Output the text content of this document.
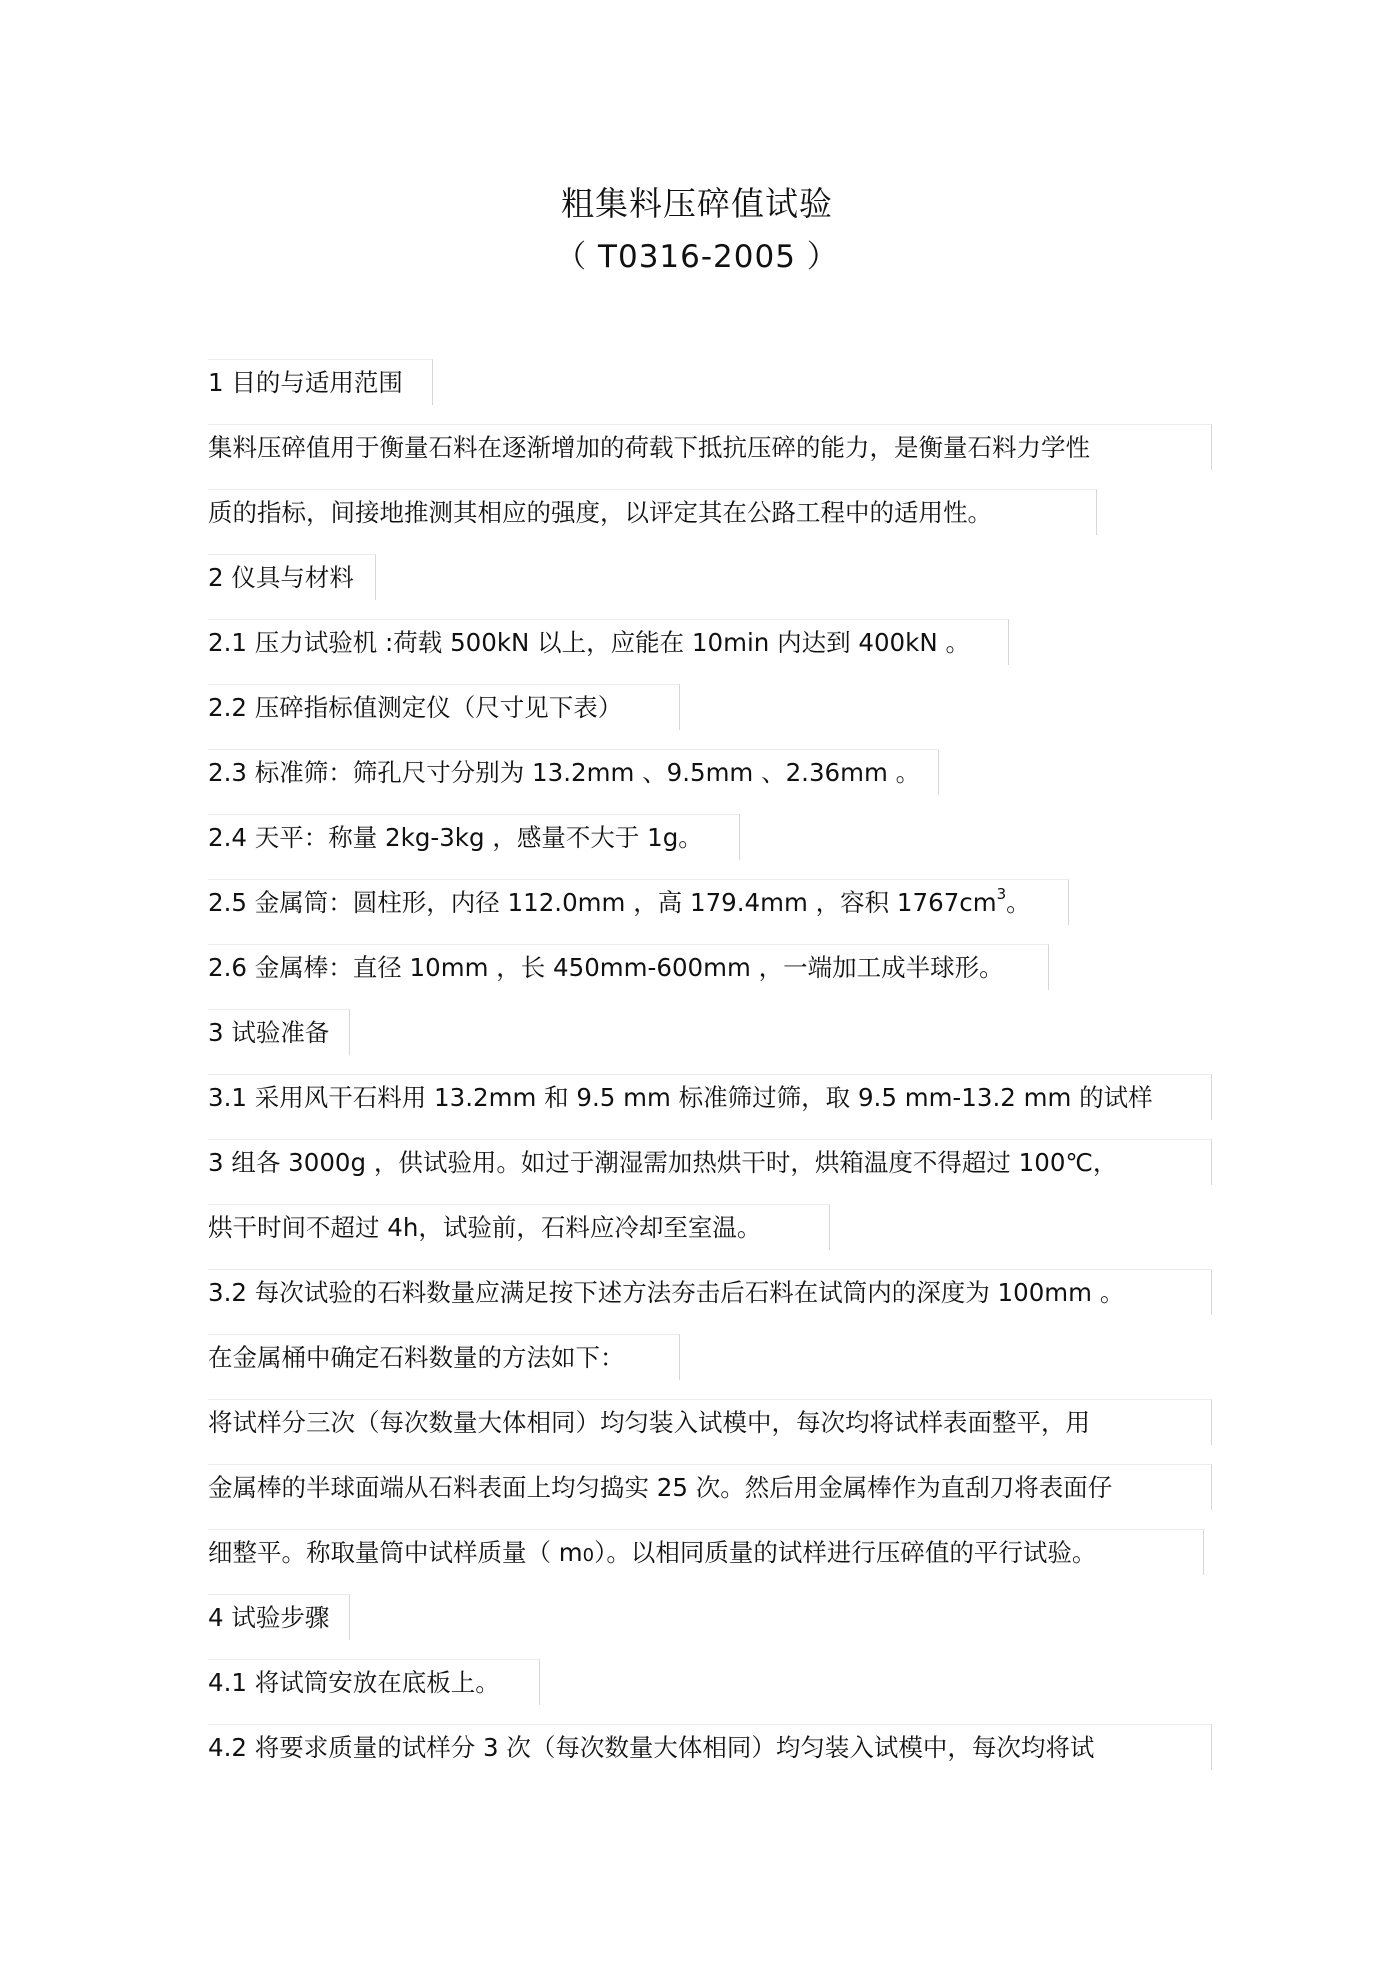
粗集料压碎值试验
（ T0316-2005 ）
1 目的与适用范围
集料压碎值用于衡量石料在逐渐增加的荷载下抵抗压碎的能力，是衡量石料力学性
质的指标，间接地推测其相应的强度，以评定其在公路工程中的适用性。
2 仪具与材料
2.1 压力试验机 :荷载 500kN 以上，应能在 10min 内达到 400kN 。
2.2 压碎指标值测定仪（尺寸见下表）
2.3 标准筛：筛孔尺寸分别为 13.2mm 、9.5mm 、2.36mm 。
2.4 天平：称量 2kg-3kg ，感量不大于 1g。
2.5 金属筒：圆柱形，内径 112.0mm ，高 179.4mm ，容积 $1767cm^3$。
2.6 金属棒：直径 10mm ，长 450mm-600mm ，一端加工成半球形。
3 试验准备
3.1 采用风干石料用 13.2mm 和 9.5 mm 标准筛过筛，取 9.5 mm-13.2 mm 的试样
3 组各 3000g ，供试验用。如过于潮湿需加热烘干时，烘箱温度不得超过 100℃，
烘干时间不超过 4h，试验前，石料应冷却至室温。
3.2 每次试验的石料数量应满足按下述方法夯击后石料在试筒内的深度为 100mm 。
在金属桶中确定石料数量的方法如下：
将试样分三次（每次数量大体相同）均匀装入试模中，每次均将试样表面整平，用
金属棒的半球面端从石料表面上均匀捣实 25 次。然后用金属棒作为直刮刀将表面仔
细整平。称取量筒中试样质量（ m0）。以相同质量的试样进行压碎值的平行试验。
4 试验步骤
4.1 将试筒安放在底板上。
4.2 将要求质量的试样分 3 次（每次数量大体相同）均匀装入试模中，每次均将试
